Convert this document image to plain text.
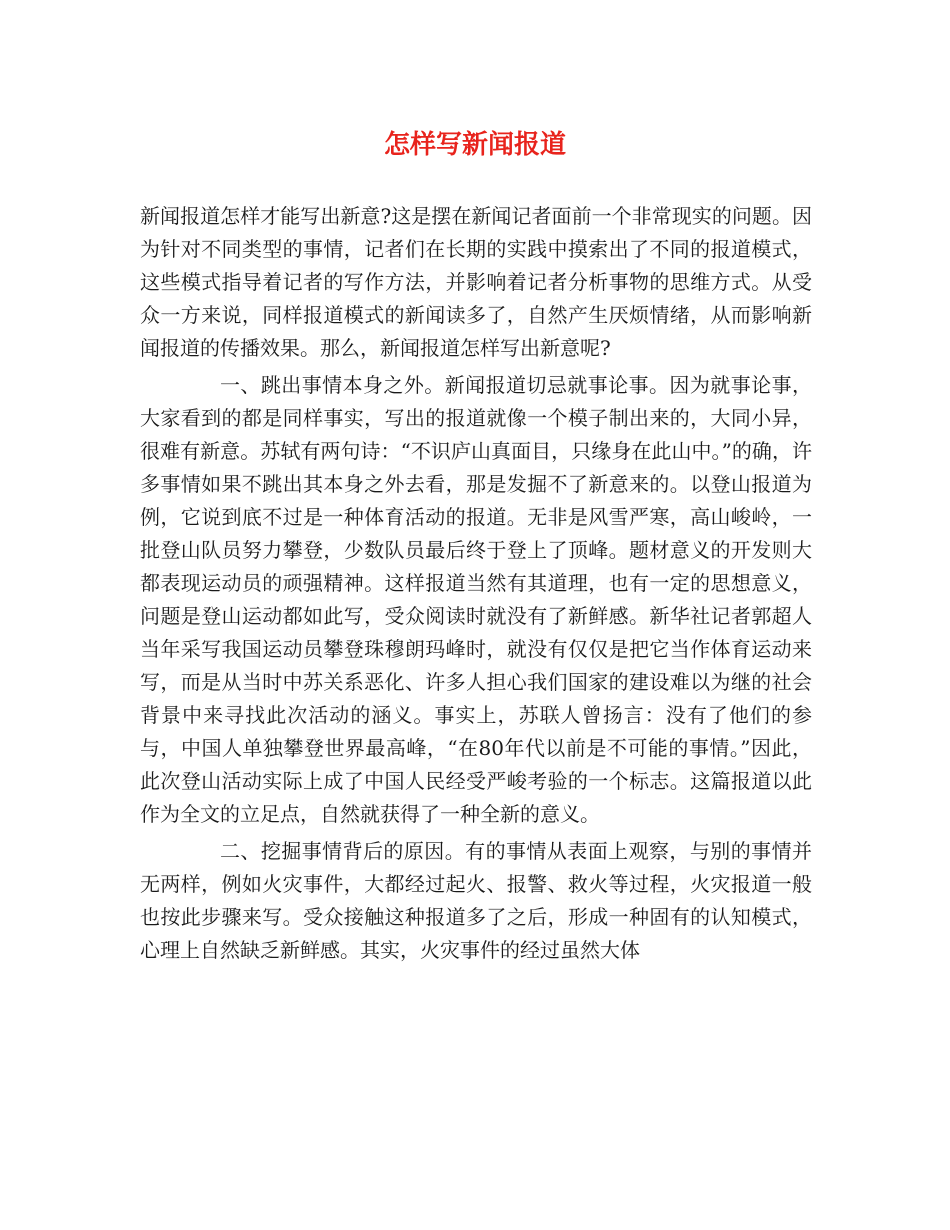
怎样写新闻报道

新闻报道怎样才能写出新意?这是摆在新闻记者面前一个非常现实的问题。因为针对不同类型的事情，记者们在长期的实践中摸索出了不同的报道模式，这些模式指导着记者的写作方法，并影响着记者分析事物的思维方式。从受众一方来说，同样报道模式的新闻读多了，自然产生厌烦情绪，从而影响新闻报道的传播效果。那么，新闻报道怎样写出新意呢?

一、跳出事情本身之外。新闻报道切忌就事论事。因为就事论事，大家看到的都是同样事实，写出的报道就像一个模子制出来的，大同小异，很难有新意。苏轼有两句诗：“不识庐山真面目，只缘身在此山中。”的确，许多事情如果不跳出其本身之外去看，那是发掘不了新意来的。以登山报道为例，它说到底不过是一种体育活动的报道。无非是风雪严寒，高山峻岭，一批登山队员努力攀登，少数队员最后终于登上了顶峰。题材意义的开发则大都表现运动员的顽强精神。这样报道当然有其道理，也有一定的思想意义，问题是登山运动都如此写，受众阅读时就没有了新鲜感。新华社记者郭超人当年采写我国运动员攀登珠穆朗玛峰时，就没有仅仅是把它当作体育运动来写，而是从当时中苏关系恶化、许多人担心我们国家的建设难以为继的社会背景中来寻找此次活动的涵义。事实上，苏联人曾扬言：没有了他们的参与，中国人单独攀登世界最高峰，“在80年代以前是不可能的事情。”因此，此次登山活动实际上成了中国人民经受严峻考验的一个标志。这篇报道以此作为全文的立足点，自然就获得了一种全新的意义。

二、挖掘事情背后的原因。有的事情从表面上观察，与别的事情并无两样，例如火灾事件，大都经过起火、报警、救火等过程，火灾报道一般也按此步骤来写。受众接触这种报道多了之后，形成一种固有的认知模式，心理上自然缺乏新鲜感。其实，火灾事件的经过虽然大体
